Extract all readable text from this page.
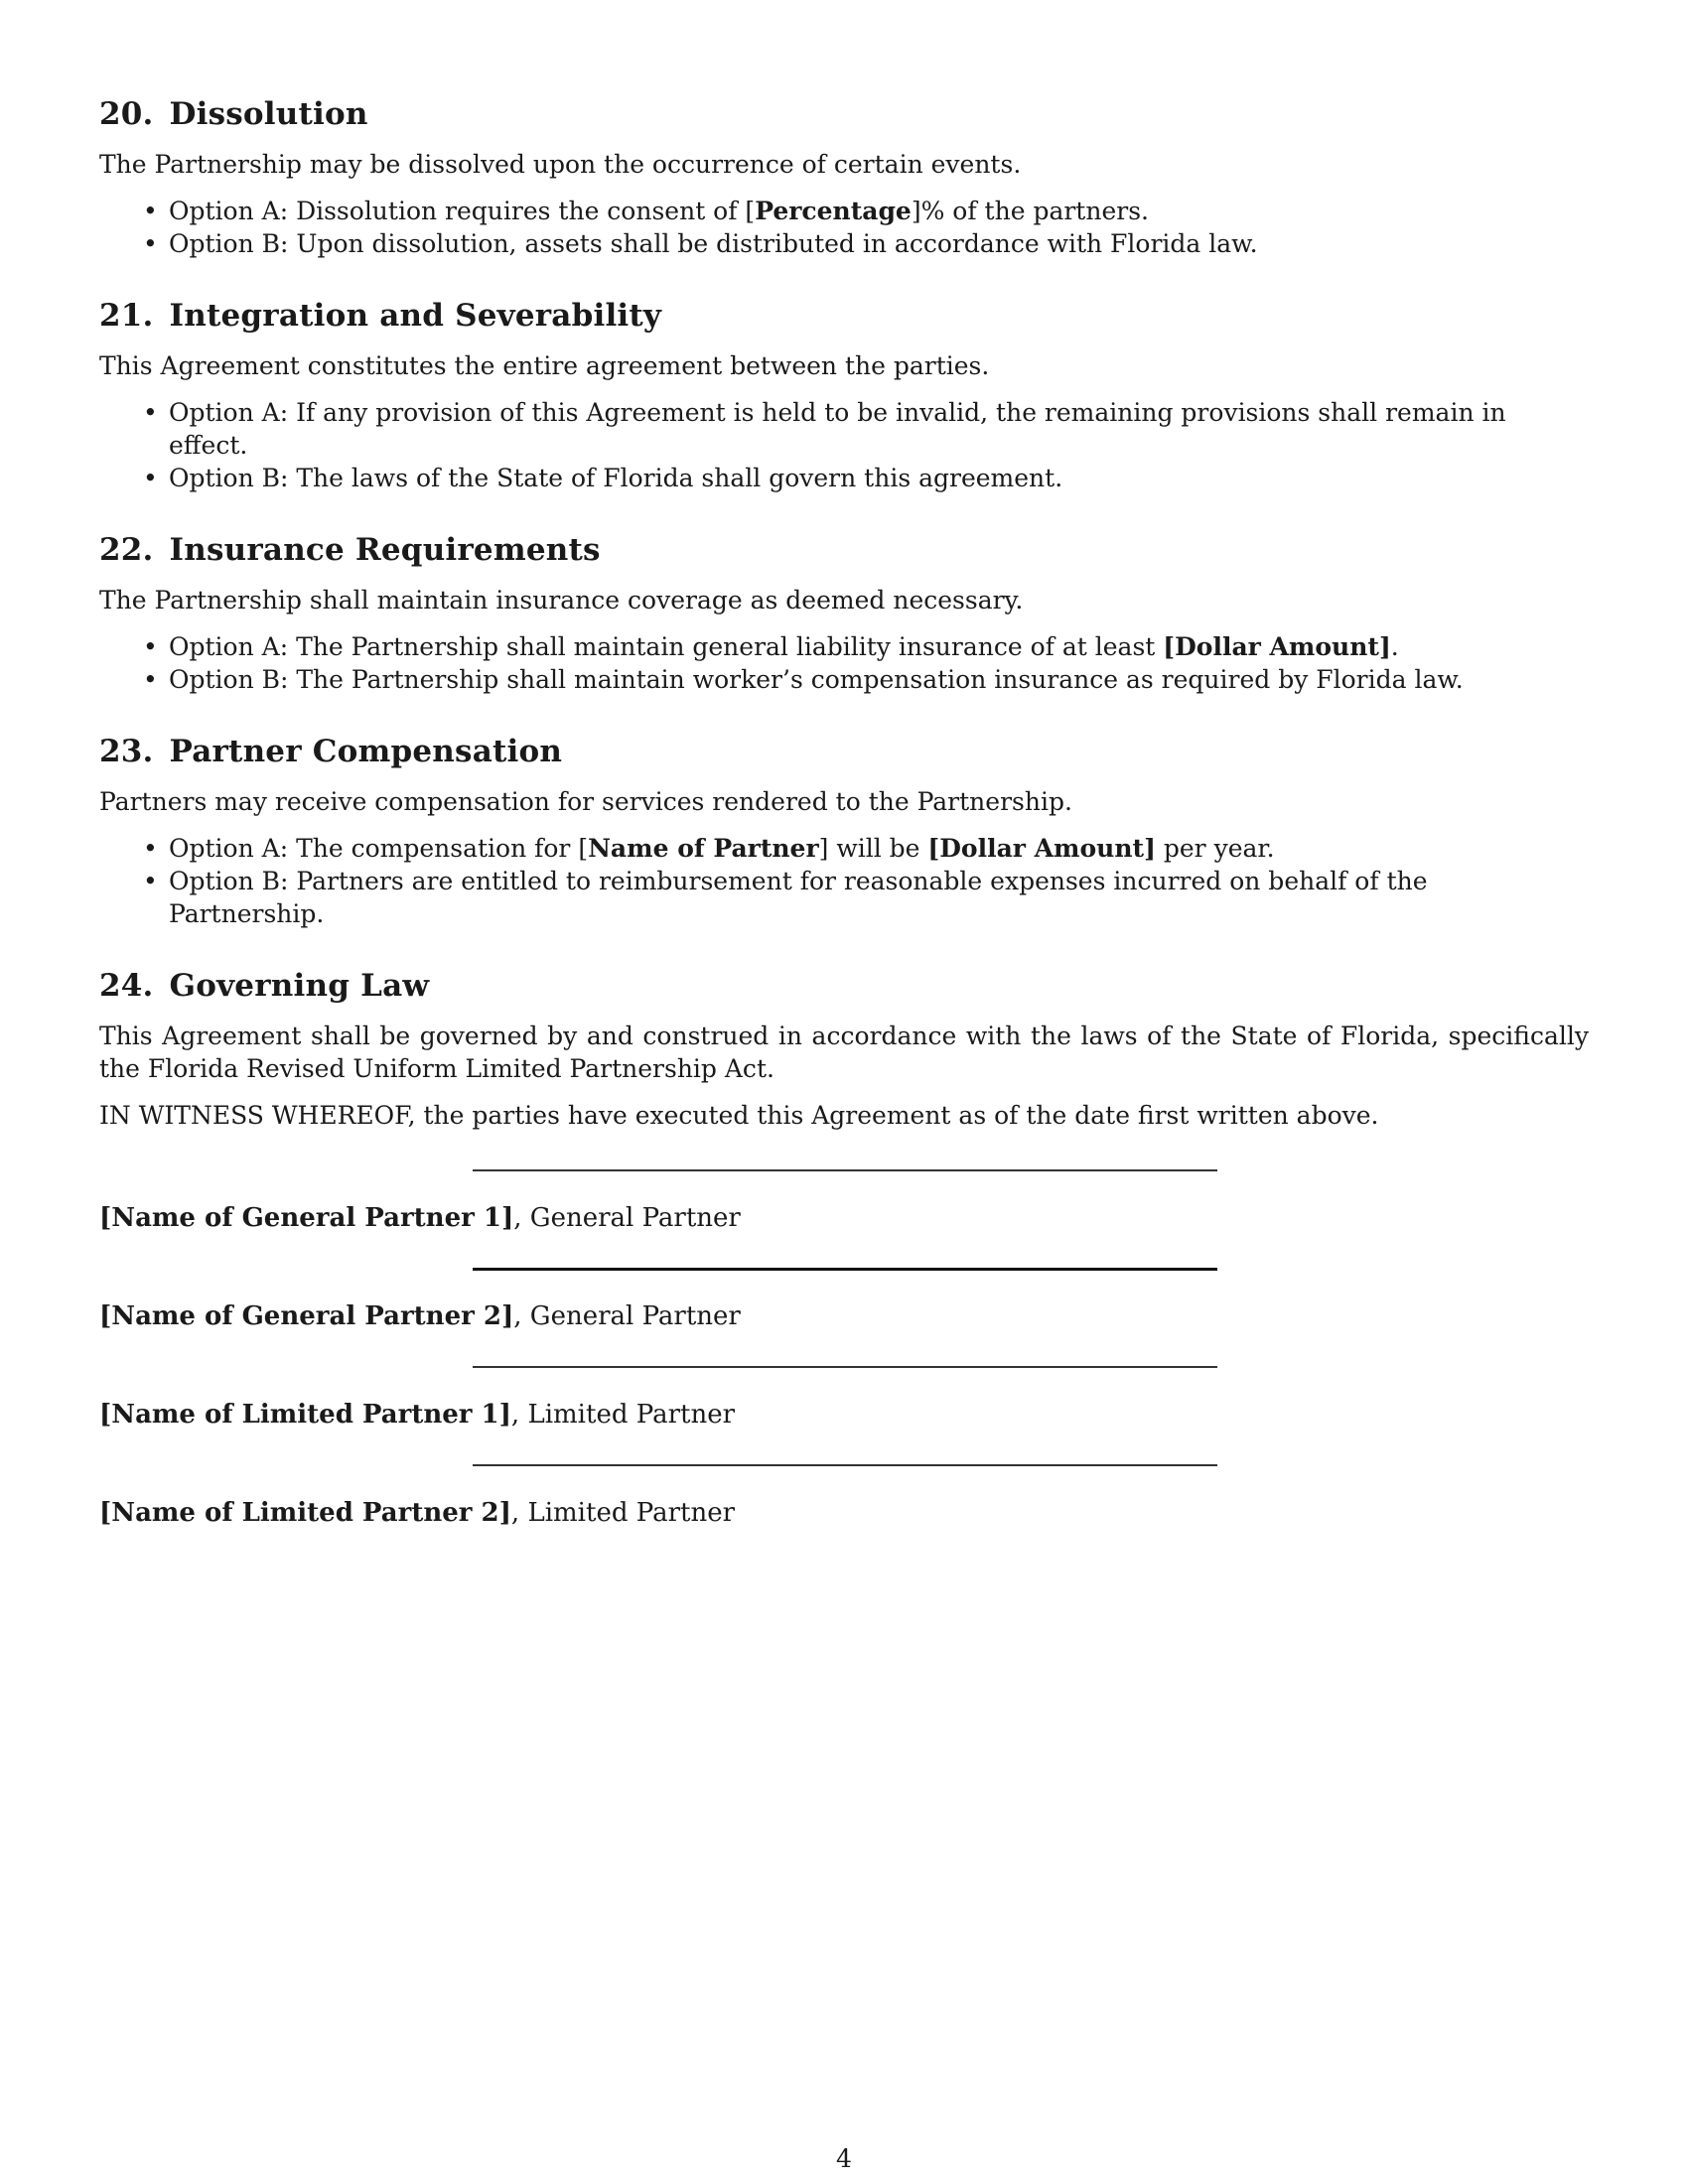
20. Dissolution

The Partnership may be dissolved upon the occurrence of certain events.

• Option A: Dissolution requires the consent of [Percentage]% of the partners.
• Option B: Upon dissolution, assets shall be distributed in accordance with Florida law.
21. Integration and Severability

This Agreement constitutes the entire agreement between the parties.

• Option A: If any provision of this Agreement is held to be invalid, the remaining provisions shall remain in effect.
• Option B: The laws of the State of Florida shall govern this agreement.
22. Insurance Requirements

The Partnership shall maintain insurance coverage as deemed necessary.

• Option A: The Partnership shall maintain general liability insurance of at least [Dollar Amount].
• Option B: The Partnership shall maintain worker’s compensation insurance as required by Florida law.
23. Partner Compensation

Partners may receive compensation for services rendered to the Partnership.

• Option A: The compensation for [Name of Partner] will be [Dollar Amount] per year.
• Option B: Partners are entitled to reimbursement for reasonable expenses incurred on behalf of the Partnership.
24. Governing Law

This Agreement shall be governed by and construed in accordance with the laws of the State of Florida, specifically the Florida Revised Uniform Limited Partnership Act.

IN WITNESS WHEREOF, the parties have executed this Agreement as of the date first written above.

[Name of General Partner 1], General Partner
[Name of General Partner 2], General Partner
[Name of Limited Partner 1], Limited Partner
[Name of Limited Partner 2], Limited Partner
4
